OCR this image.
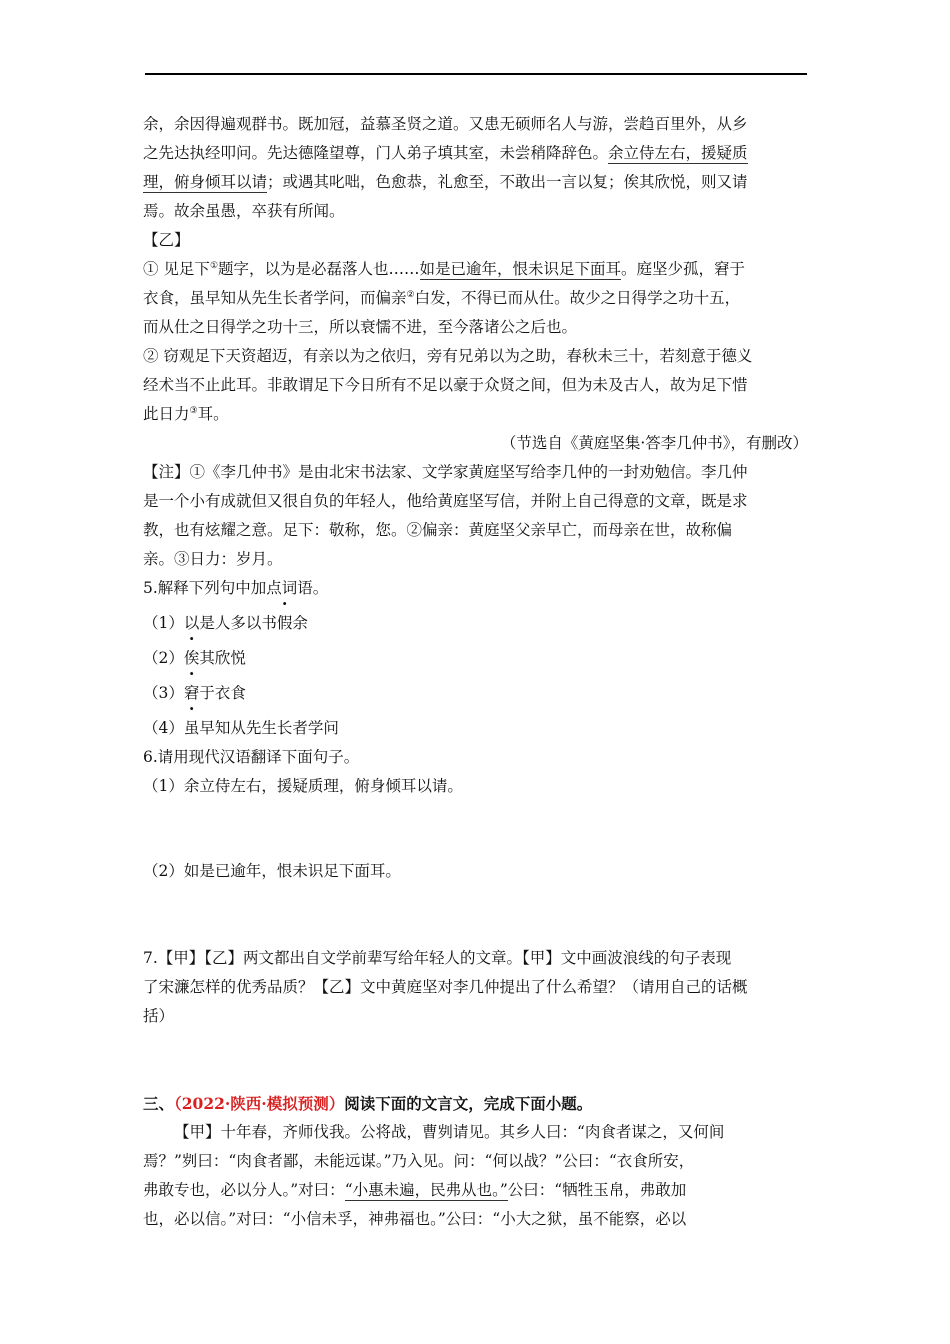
余，余因得遍观群书。既加冠，益慕圣贤之道。又患无硕师名人与游，尝趋百里外，从乡

之先达执经叩问。先达德隆望尊，门人弟子填其室，未尝稍降辞色。余立侍左右，援疑质

理，俯身倾耳以请；或遇其叱咄，色愈恭，礼愈至，不敢出一言以复；俟其欣悦，则又请

焉。故余虽愚，卒获有所闻。

【乙】

① 见足下①题字，以为是必磊落人也……如是已逾年，恨未识足下面耳。庭坚少孤，窘于

衣食，虽早知从先生长者学问，而偏亲②白发，不得已而从仕。故少之日得学之功十五，

而从仕之日得学之功十三，所以衰懦不进，至今落诸公之后也。

② 窃观足下天资超迈，有亲以为之依归，旁有兄弟以为之助，春秋未三十，若刻意于德义

经术当不止此耳。非敢谓足下今日所有不足以豪于众贤之间，但为未及古人，故为足下惜

此日力③耳。

（节选自《黄庭坚集·答李几仲书》，有删改）

【注】①《李几仲书》是由北宋书法家、文学家黄庭坚写给李几仲的一封劝勉信。李几仲

是一个小有成就但又很自负的年轻人，他给黄庭坚写信，并附上自己得意的文章，既是求

教，也有炫耀之意。足下：敬称，您。②偏亲：黄庭坚父亲早亡，而母亲在世，故称偏

亲。③日力：岁月。

5.解释下列句中加点词语。

（1）以是人多以书假余

（2）俟其欣悦

（3）窘于衣食

（4）虽早知从先生长者学问

6.请用现代汉语翻译下面句子。

（1）余立侍左右，援疑质理，俯身倾耳以请。

（2）如是已逾年，恨未识足下面耳。

7.【甲】【乙】两文都出自文学前辈写给年轻人的文章。【甲】文中画波浪线的句子表现

了宋濂怎样的优秀品质？【乙】文中黄庭坚对李几仲提出了什么希望？（请用自己的话概

括）

三、（2022·陕西·模拟预测）阅读下面的文言文，完成下面小题。

【甲】十年春，齐师伐我。公将战，曹刿请见。其乡人曰：“肉食者谋之，又何间

焉？”刿曰：“肉食者鄙，未能远谋。”乃入见。问：“何以战？”公曰：“衣食所安，

弗敢专也，必以分人。”对曰：“小惠未遍，民弗从也。”公曰：“牺牲玉帛，弗敢加

也，必以信。”对曰：“小信未孚，神弗福也。”公曰：“小大之狱，虽不能察，必以
